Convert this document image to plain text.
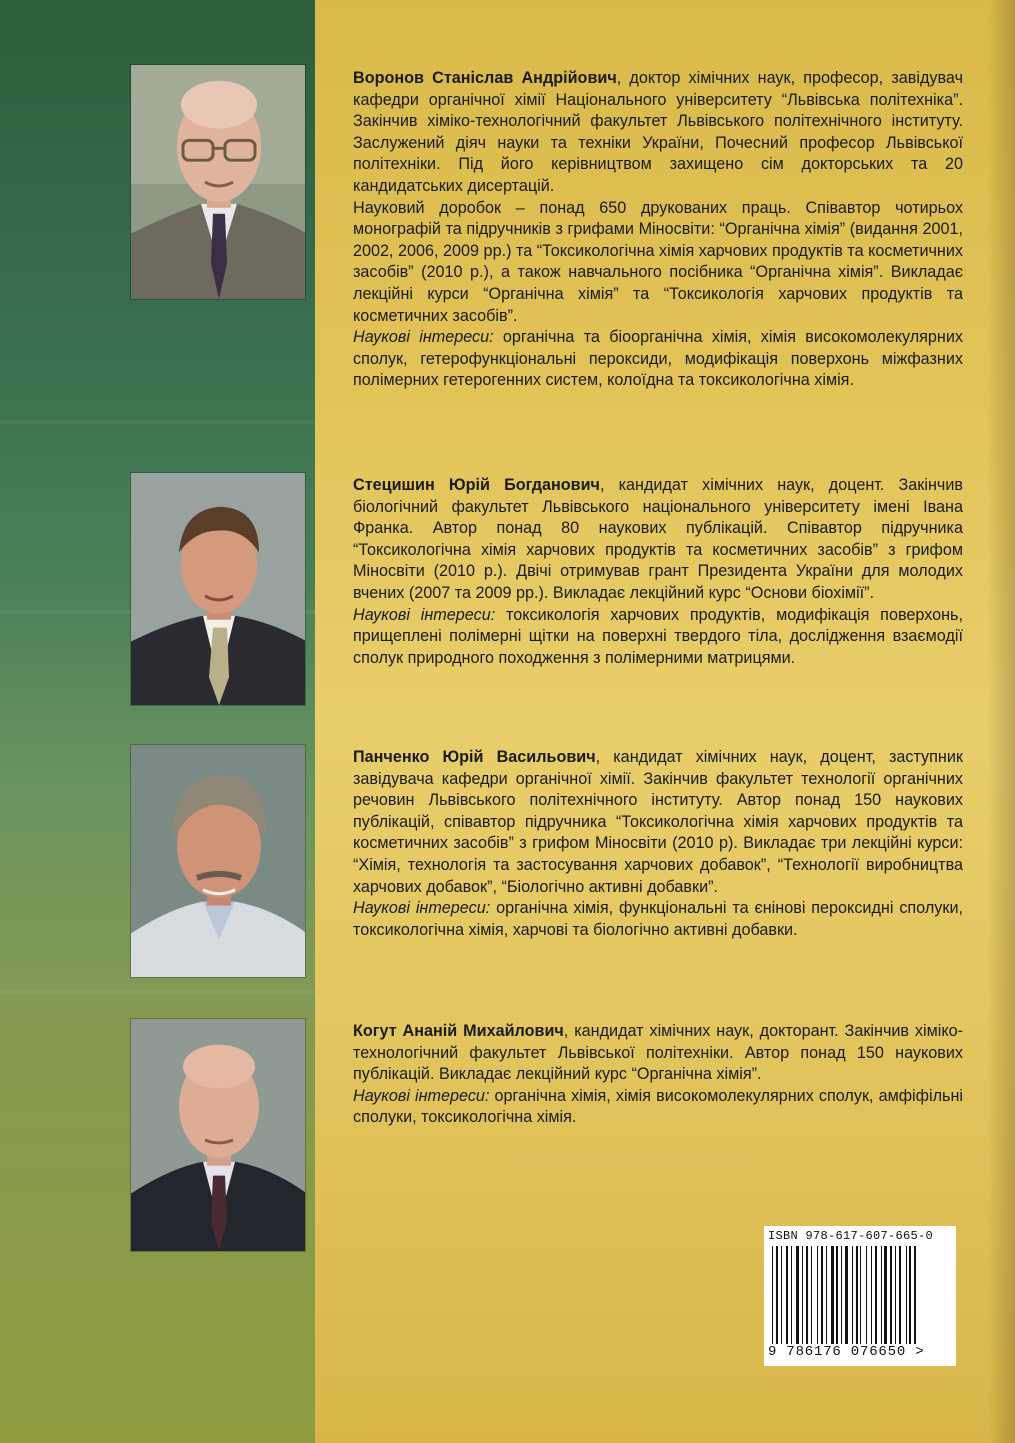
Воронов Станіслав Андрійович, доктор хімічних наук, професор, завідувач кафедри органічної хімії Національного університету “Львівська політехніка”. Закінчив хіміко-технологічний факультет Львівського політехнічного інституту. Заслужений діяч науки та техніки України, Почесний професор Львівської політехніки. Під його керівництвом захищено сім докторських та 20 кандидатських дисертацій.

Науковий доробок – понад 650 друкованих праць. Співавтор чотирьох монографій та підручників з грифами Міносвіти: “Органічна хімія” (видання 2001, 2002, 2006, 2009 рр.) та “Токсикологічна хімія харчових продуктів та косметичних засобів” (2010 р.), а також навчального посібника “Органічна хімія”. Викладає лекційні курси “Органічна хімія” та “Токсикологія харчових продуктів та косметичних засобів”.

Наукові інтереси: органічна та біоорганічна хімія, хімія високомолекулярних сполук, гетерофункціональні пероксиди, модифікація поверхонь міжфазних полімерних гетерогенних систем, колоїдна та токсикологічна хімія.

Стецишин Юрій Богданович, кандидат хімічних наук, доцент. Закінчив біологічний факультет Львівського національного університету імені Івана Франка. Автор понад 80 наукових публікацій. Співавтор підручника “Токсикологічна хімія харчових продуктів та косметичних засобів” з грифом Міносвіти (2010 р.). Двічі отримував грант Президента України для молодих вчених (2007 та 2009 рр.). Викладає лекційний курс “Основи біохімії”.

Наукові інтереси: токсикологія харчових продуктів, модифікація поверхонь, прищеплені полімерні щітки на поверхні твердого тіла, дослідження взаємодії сполук природного походження з полімерними матрицями.

Панченко Юрій Васильович, кандидат хімічних наук, доцент, заступник завідувача кафедри органічної хімії. Закінчив факультет технології органічних речовин Львівського політехнічного інституту. Автор понад 150 наукових публікацій, співавтор підручника “Токсикологічна хімія харчових продуктів та косметичних засобів” з грифом Міносвіти (2010 р). Викладає три лекційні курси: “Хімія, технологія та застосування харчових добавок”, “Технології виробництва харчових добавок”, “Біологічно активні добавки”.

Наукові інтереси: органічна хімія, функціональні та єнінові пероксидні сполуки, токсикологічна хімія, харчові та біологічно активні добавки.

Когут Ананій Михайлович, кандидат хімічних наук, докторант. Закінчив хіміко-технологічний факультет Львівської політехніки. Автор понад 150 наукових публікацій. Викладає лекційний курс “Органічна хімія”.

Наукові інтереси: органічна хімія, хімія високомолекулярних сполук, амфіфільні сполуки, токсикологічна хімія.

ISBN 978-617-607-665-0
9 786176 076650 >
